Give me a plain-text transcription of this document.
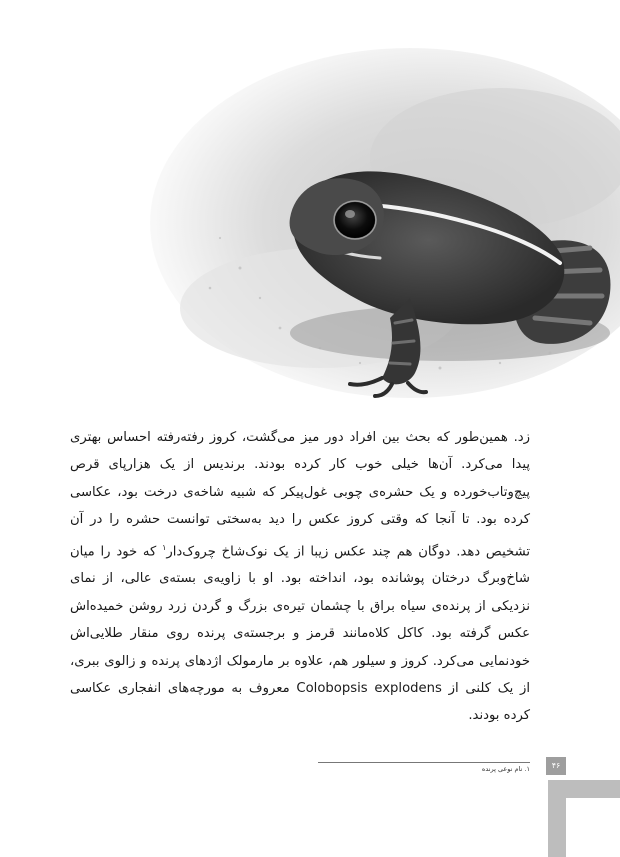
زد. همین‌طور که بحث بین افراد دور میز می‌گشت، کروز رفته‌رفته احساس بهتری پیدا می‌کرد. آن‌ها خیلی خوب کار کرده بودند. برندیس از یک هزارپای قرص پیچ‌وتاب‌خورده و یک حشره‌ی چوبی غول‌پیکر که شبیه شاخه‌ی درخت بود، عکاسی کرده بود. تا آنجا که وقتی کروز عکس را دید به‌سختی توانست حشره را در آن تشخیص دهد. دوگان هم چند عکس زیبا از یک نوک‌شاخ چروک‌دار$^۱$ که خود را میان شاخ‌وبرگ درختان پوشانده بود، انداخته بود. او با زاویه‌ی بسته‌ی عالی، از نمای نزدیکی از پرنده‌ی سیاه براق با چشمان تیره‌ی بزرگ و گردن زرد روشن خمیده‌اش عکس گرفته بود. کاکل کلاه‌مانند قرمز و برجسته‌ی پرنده روی منقار طلایی‌اش خودنمایی می‌کرد. کروز و سیلور هم، علاوه بر مارمولک اژدهای پرنده و زالوی ببری، از یک کلنی از Colobopsis explodens معروف به مورچه‌های انفجاری عکاسی کرده بودند.

۱. نام نوعی پرنده	۴۶
